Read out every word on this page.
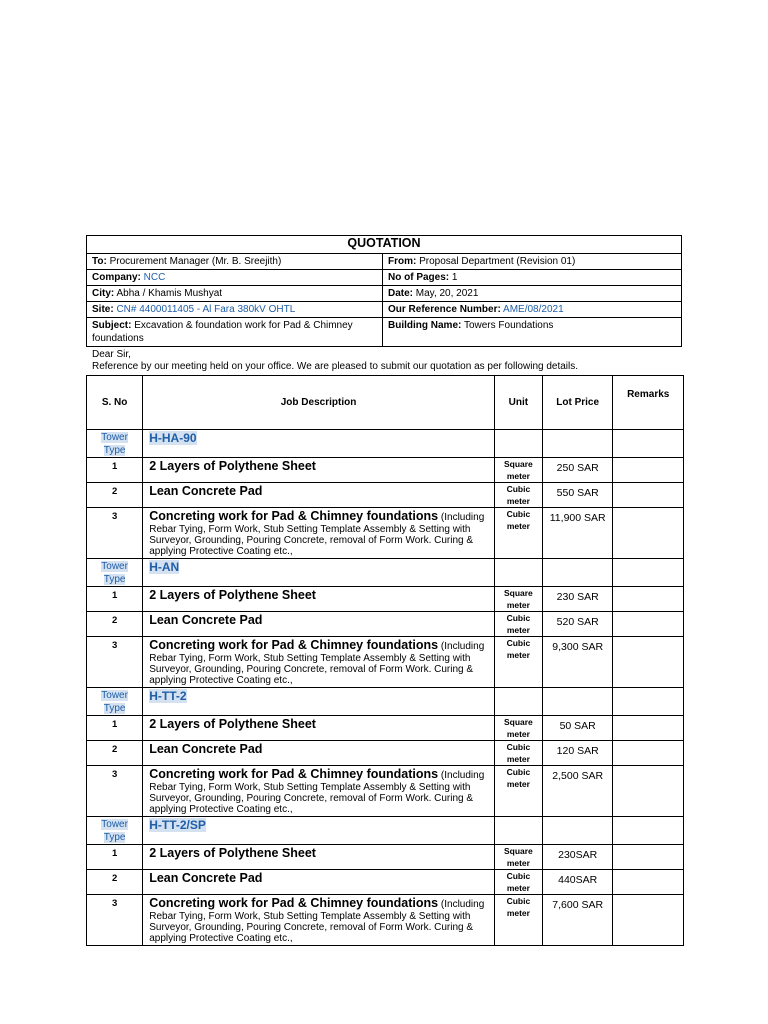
QUOTATION	
To: Procurement Manager (Mr. B. Sreejith)	From: Proposal Department (Revision 01)
Company: NCC	No of Pages: 1
City: Abha / Khamis Mushyat	Date: May, 20, 2021
Site: CN# 4400011405 - Al Fara 380kV OHTL	Our Reference Number: AME/08/2021
Subject: Excavation & foundation work for Pad & Chimney foundations	Building Name: Towers Foundations
Dear Sir,
Reference by our meeting held on your office. We are pleased to submit our quotation as per following details.
S. No	Job Description	Unit	Lot Price	Remarks
Tower Type	H-HA-90			
1	2 Layers of Polythene Sheet	Square meter	250 SAR	
2	Lean Concrete Pad	Cubic meter	550 SAR	
3	Concreting work for Pad & Chimney foundations (Including Rebar Tying, Form Work, Stub Setting Template Assembly & Setting with Surveyor, Grounding, Pouring Concrete, removal of Form Work. Curing & applying Protective Coating etc.,	Cubic meter	11,900 SAR	
Tower Type	H-AN			
1	2 Layers of Polythene Sheet	Square meter	230 SAR	
2	Lean Concrete Pad	Cubic meter	520 SAR	
3	Concreting work for Pad & Chimney foundations (Including Rebar Tying, Form Work, Stub Setting Template Assembly & Setting with Surveyor, Grounding, Pouring Concrete, removal of Form Work. Curing & applying Protective Coating etc.,	Cubic meter	9,300 SAR	
Tower Type	H-TT-2			
1	2 Layers of Polythene Sheet	Square meter	50 SAR	
2	Lean Concrete Pad	Cubic meter	120 SAR	
3	Concreting work for Pad & Chimney foundations (Including Rebar Tying, Form Work, Stub Setting Template Assembly & Setting with Surveyor, Grounding, Pouring Concrete, removal of Form Work. Curing & applying Protective Coating etc.,	Cubic meter	2,500 SAR	
Tower Type	H-TT-2/SP			
1	2 Layers of Polythene Sheet	Square meter	230SAR	
2	Lean Concrete Pad	Cubic meter	440SAR	
3	Concreting work for Pad & Chimney foundations (Including Rebar Tying, Form Work, Stub Setting Template Assembly & Setting with Surveyor, Grounding, Pouring Concrete, removal of Form Work. Curing & applying Protective Coating etc.,	Cubic meter	7,600 SAR	
